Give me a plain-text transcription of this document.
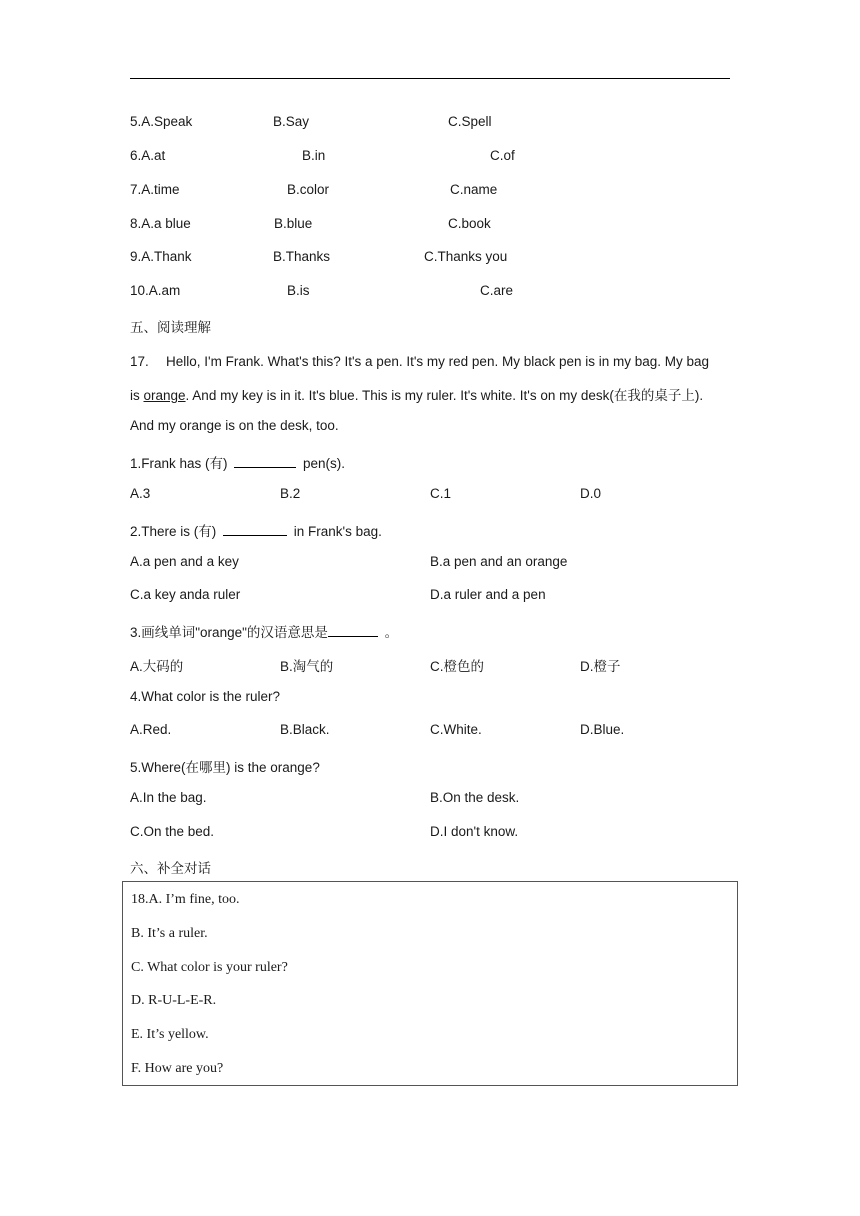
5.A.Speak	B.Say	C.Spell
6.A.at	B.in	C.of
7.A.time	B.color	C.name
8.A.a blue	B.blue	C.book
9.A.Thank	B.Thanks	C.Thanks you
10.A.am	B.is	C.are
五、阅读理解
17.　 Hello, I'm Frank. What's this? It's a pen. It's my red pen. My black pen is in my bag. My bag
is orange. And my key is in it. It's blue. This is my ruler. It's white. It's on my desk(在我的桌子上).
And my orange is on the desk, too.
1.Frank has (有)	pen(s).
A.3	B.2	C.1	D.0
2.There is (有)	in Frank's bag.
A.a pen and a key	B.a pen and an orange
C.a key anda ruler	D.a ruler and a pen
3.画线单词"orange"的汉语意思是	。
A.大码的	B.淘气的	C.橙色的	D.橙子
4.What color is the ruler?
A.Red.	B.Black.	C.White.	D.Blue.
5.Where(在哪里) is the orange?
A.In the bag.	B.On the desk.
C.On the bed.	D.I don't know.
六、补全对话
18.A. I’m fine, too.
B. It’s a ruler.
C. What color is your ruler?
D. R-U-L-E-R.
E. It’s yellow.
F. How are you?
